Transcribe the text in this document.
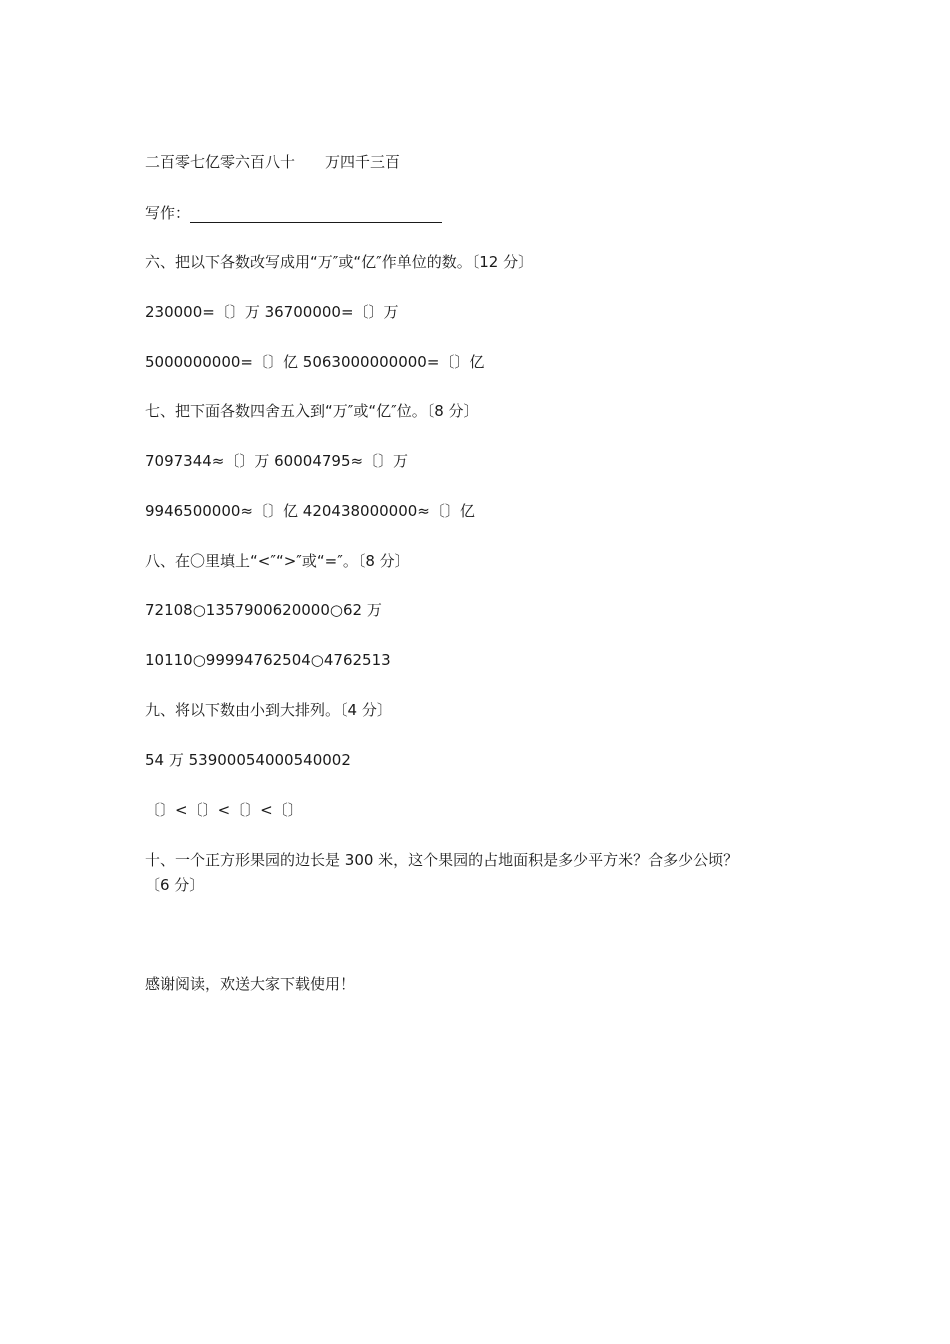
二百零七亿零六百八十　　万四千三百

写作：

六、把以下各数改写成用“万″或“亿″作单位的数。〔12 分〕

230000=〔〕万 36700000=〔〕万

5000000000=〔〕亿 5063000000000=〔〕亿

七、把下面各数四舍五入到“万″或“亿″位。〔8 分〕

7097344≈〔〕万 60004795≈〔〕万

9946500000≈〔〕亿 420438000000≈〔〕亿

八、在〇里填上“<″“>″或“=″。〔8 分〕

72108○1357900620000○62 万

10110○99994762504○4762513

九、将以下数由小到大排列。〔4 分〕

54 万 53900054000540002

〔〕<〔〕<〔〕<〔〕

十、一个正方形果园的边长是 300 米，这个果园的占地面积是多少平方米？合多少公顷？

〔6 分〕

感谢阅读，欢送大家下载使用！
